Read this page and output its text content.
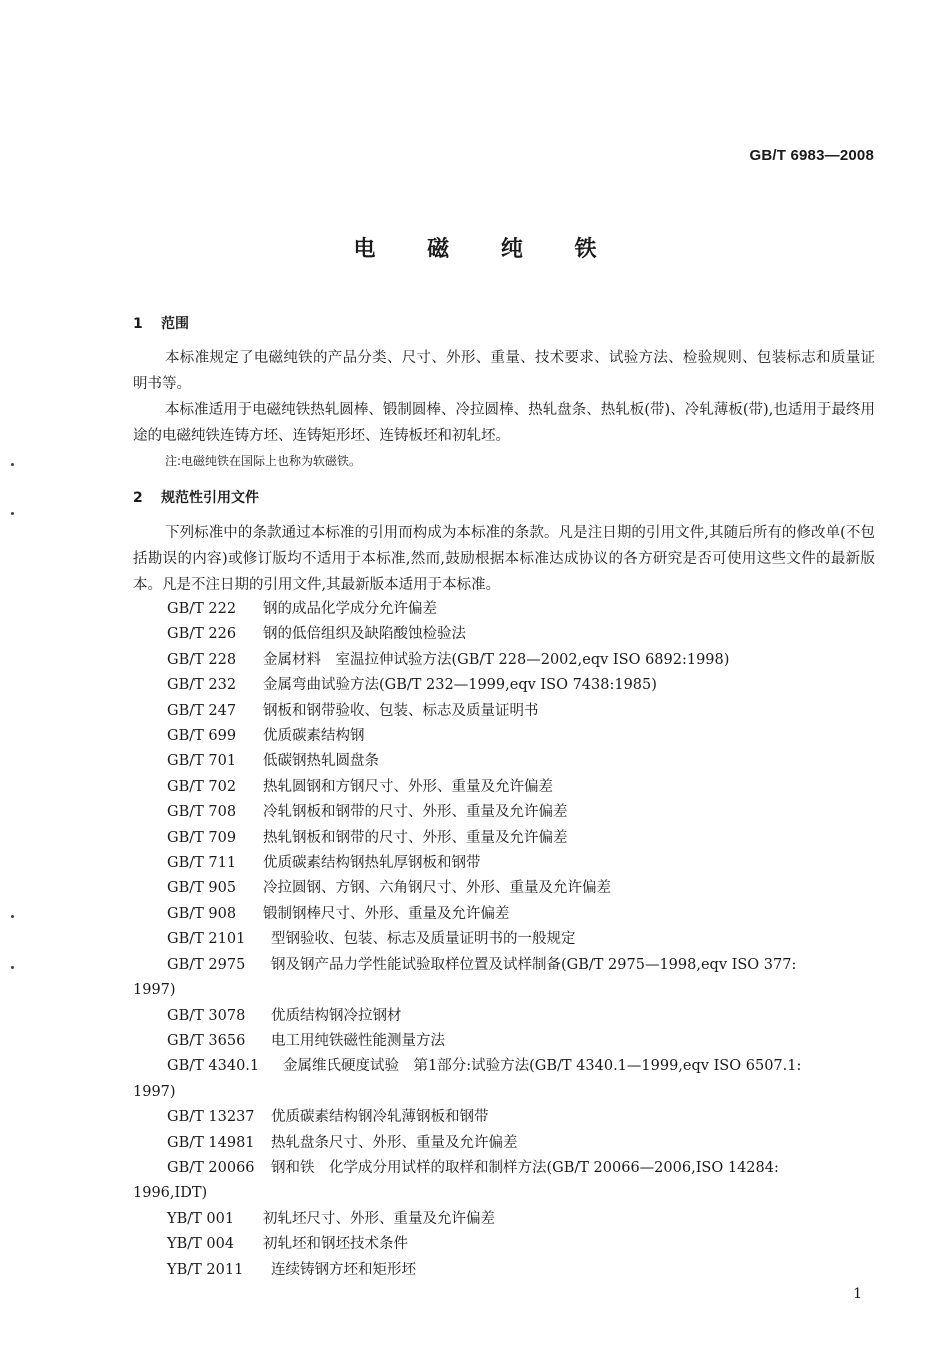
GB/T 6983—2008
电 磁 纯 铁
1 范围

本标准规定了电磁纯铁的产品分类、尺寸、外形、重量、技术要求、试验方法、检验规则、包装标志和质量证明书等。

本标准适用于电磁纯铁热轧圆棒、锻制圆棒、冷拉圆棒、热轧盘条、热轧板(带)、冷轧薄板(带),也适用于最终用途的电磁纯铁连铸方坯、连铸矩形坯、连铸板坯和初轧坯。

注:电磁纯铁在国际上也称为软磁铁。
2 规范性引用文件

下列标准中的条款通过本标准的引用而构成为本标准的条款。凡是注日期的引用文件,其随后所有的修改单(不包括勘误的内容)或修订版均不适用于本标准,然而,鼓励根据本标准达成协议的各方研究是否可使用这些文件的最新版本。凡是不注日期的引用文件,其最新版本适用于本标准。

GB/T 222 钢的成品化学成分允许偏差
GB/T 226 钢的低倍组织及缺陷酸蚀检验法
GB/T 228 金属材料　室温拉伸试验方法(GB/T 228—2002,eqv ISO 6892:1998)
GB/T 232 金属弯曲试验方法(GB/T 232—1999,eqv ISO 7438:1985)
GB/T 247 钢板和钢带验收、包装、标志及质量证明书
GB/T 699 优质碳素结构钢
GB/T 701 低碳钢热轧圆盘条
GB/T 702 热轧圆钢和方钢尺寸、外形、重量及允许偏差
GB/T 708 冷轧钢板和钢带的尺寸、外形、重量及允许偏差
GB/T 709 热轧钢板和钢带的尺寸、外形、重量及允许偏差
GB/T 711 优质碳素结构钢热轧厚钢板和钢带
GB/T 905 冷拉圆钢、方钢、六角钢尺寸、外形、重量及允许偏差
GB/T 908 锻制钢棒尺寸、外形、重量及允许偏差
GB/T 2101 型钢验收、包装、标志及质量证明书的一般规定
GB/T 2975 钢及钢产品力学性能试验取样位置及试样制备(GB/T 2975—1998,eqv ISO 377:
1997)
GB/T 3078 优质结构钢冷拉钢材
GB/T 3656 电工用纯铁磁性能测量方法
GB/T 4340.1 金属维氏硬度试验　第1部分:试验方法(GB/T 4340.1—1999,eqv ISO 6507.1:
1997)
GB/T 13237 优质碳素结构钢冷轧薄钢板和钢带
GB/T 14981 热轧盘条尺寸、外形、重量及允许偏差
GB/T 20066 钢和铁　化学成分用试样的取样和制样方法(GB/T 20066—2006,ISO 14284:
1996,IDT)
YB/T 001 初轧坯尺寸、外形、重量及允许偏差
YB/T 004 初轧坯和钢坯技术条件
YB/T 2011 连续铸钢方坯和矩形坯
1
